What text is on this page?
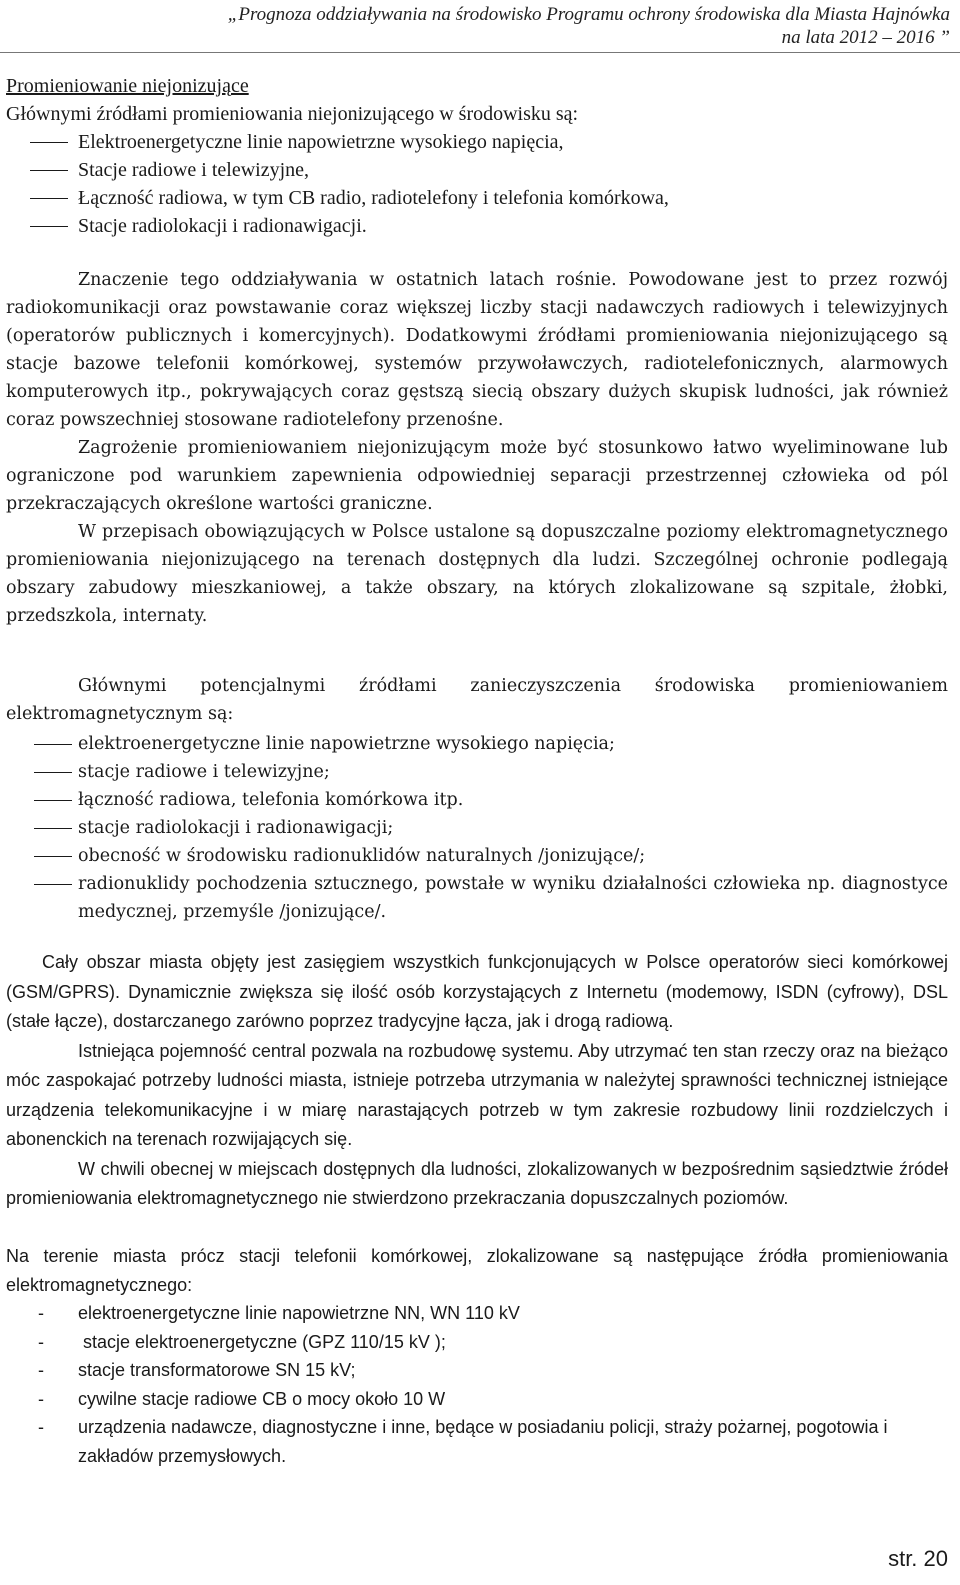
„Prognoza oddziaływania na środowisko Programu ochrony środowiska dla Miasta Hajnówka
na lata 2012 – 2016 ”
Promieniowanie niejonizujące
Głównymi źródłami promieniowania niejonizującego w środowisku są:
Elektroenergetyczne linie napowietrzne wysokiego napięcia,
Stacje radiowe i telewizyjne,
Łączność radiowa, w tym CB radio, radiotelefony i telefonia komórkowa,
Stacje radiolokacji i radionawigacji.
Znaczenie tego oddziaływania w ostatnich latach rośnie. Powodowane jest to przez rozwój radiokomunikacji oraz powstawanie coraz większej liczby stacji nadawczych radiowych i telewizyjnych (operatorów publicznych i komercyjnych). Dodatkowymi źródłami promieniowania niejonizującego są stacje bazowe telefonii komórkowej, systemów przywoławczych, radiotelefonicznych, alarmowych komputerowych itp., pokrywających coraz gęstszą siecią obszary dużych skupisk ludności, jak również coraz powszechniej stosowane radiotelefony przenośne.
Zagrożenie promieniowaniem niejonizującym może być stosunkowo łatwo wyeliminowane lub ograniczone pod warunkiem zapewnienia odpowiedniej separacji przestrzennej człowieka od pól przekraczających określone wartości graniczne.
W przepisach obowiązujących w Polsce ustalone są dopuszczalne poziomy elektromagnetycznego promieniowania niejonizującego na terenach dostępnych dla ludzi. Szczególnej ochronie podlegają obszary zabudowy mieszkaniowej, a także obszary, na których zlokalizowane są szpitale, żłobki, przedszkola, internaty.
Głównymi potencjalnymi źródłami zanieczyszczenia środowiska promieniowaniem elektromagnetycznym są:
elektroenergetyczne linie napowietrzne wysokiego napięcia;
stacje radiowe i telewizyjne;
łączność radiowa, telefonia komórkowa itp.
stacje radiolokacji i radionawigacji;
obecność w środowisku radionuklidów naturalnych /jonizujące/;
radionuklidy pochodzenia sztucznego, powstałe w wyniku działalności człowieka np. diagnostyce medycznej, przemyśle /jonizujące/.
Cały obszar miasta objęty jest zasięgiem wszystkich funkcjonujących w Polsce operatorów sieci komórkowej (GSM/GPRS). Dynamicznie zwiększa się ilość osób korzystających z Internetu (modemowy, ISDN (cyfrowy), DSL (stałe łącze), dostarczanego zarówno poprzez tradycyjne łącza, jak i drogą radiową.
Istniejąca pojemność central pozwala na rozbudowę systemu. Aby utrzymać ten stan rzeczy oraz na bieżąco móc zaspokajać potrzeby ludności miasta, istnieje potrzeba utrzymania w należytej sprawności technicznej istniejące urządzenia telekomunikacyjne i w miarę narastających potrzeb w tym zakresie rozbudowy linii rozdzielczych i abonenckich na terenach rozwijających się.
W chwili obecnej w miejscach dostępnych dla ludności, zlokalizowanych w bezpośrednim sąsiedztwie źródeł promieniowania elektromagnetycznego nie stwierdzono przekraczania dopuszczalnych poziomów.
Na terenie miasta prócz stacji telefonii komórkowej, zlokalizowane są następujące źródła promieniowania elektromagnetycznego:
- elektroenergetyczne linie napowietrzne NN, WN 110 kV
- stacje elektroenergetyczne (GPZ 110/15 kV );
- stacje transformatorowe SN 15 kV;
- cywilne stacje radiowe CB o mocy około 10 W
- urządzenia nadawcze, diagnostyczne i inne, będące w posiadaniu policji, straży pożarnej, pogotowia i zakładów przemysłowych.
str. 20
